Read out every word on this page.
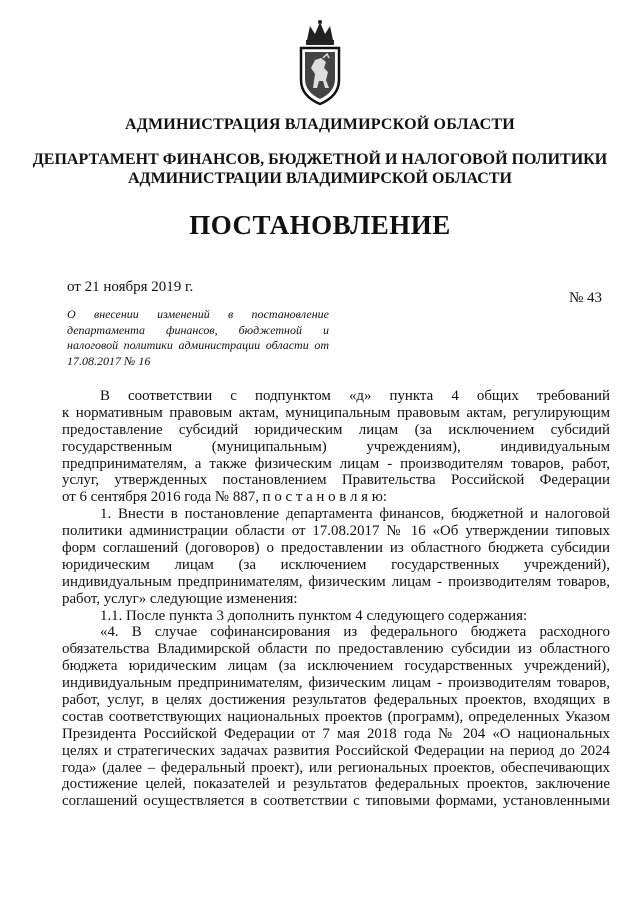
АДМИНИСТРАЦИЯ ВЛАДИМИРСКОЙ ОБЛАСТИ
ДЕПАРТАМЕНТ ФИНАНСОВ, БЮДЖЕТНОЙ И НАЛОГОВОЙ ПОЛИТИКИ
АДМИНИСТРАЦИИ ВЛАДИМИРСКОЙ ОБЛАСТИ
ПОСТАНОВЛЕНИЕ
от 21 ноября 2019 г.
№ 43
О внесении изменений в постановление департамента финансов, бюджетной и налоговой политики администрации области от 17.08.2017 № 16
В соответствии с подпунктом «д» пункта 4 общих требований
к нормативным правовым актам, муниципальным правовым актам, регулирующим
предоставление субсидий юридическим лицам (за исключением субсидий
государственным (муниципальным) учреждениям), индивидуальным
предпринимателям, а также физическим лицам - производителям товаров, работ,
услуг, утвержденных постановлением Правительства Российской Федерации
от 6 сентября 2016 года № 887, п о с т а н о в л я ю:
1. Внести в постановление департамента финансов, бюджетной и налоговой
политики администрации области от 17.08.2017 № 16 «Об утверждении типовых
форм соглашений (договоров) о предоставлении из областного бюджета субсидии
юридическим лицам (за исключением государственных учреждений),
индивидуальным предпринимателям, физическим лицам - производителям товаров,
работ, услуг» следующие изменения:
1.1. После пункта 3 дополнить пунктом 4 следующего содержания:
«4. В случае софинансирования из федерального бюджета расходного
обязательства Владимирской области по предоставлению субсидии из областного
бюджета юридическим лицам (за исключением государственных учреждений),
индивидуальным предпринимателям, физическим лицам - производителям товаров,
работ, услуг, в целях достижения результатов федеральных проектов, входящих в
состав соответствующих национальных проектов (программ), определенных Указом
Президента Российской Федерации от 7 мая 2018 года № 204 «О национальных
целях и стратегических задачах развития Российской Федерации на период до 2024
года» (далее – федеральный проект), или региональных проектов, обеспечивающих
достижение целей, показателей и результатов федеральных проектов, заключение
соглашений осуществляется в соответствии с типовыми формами, установленными
